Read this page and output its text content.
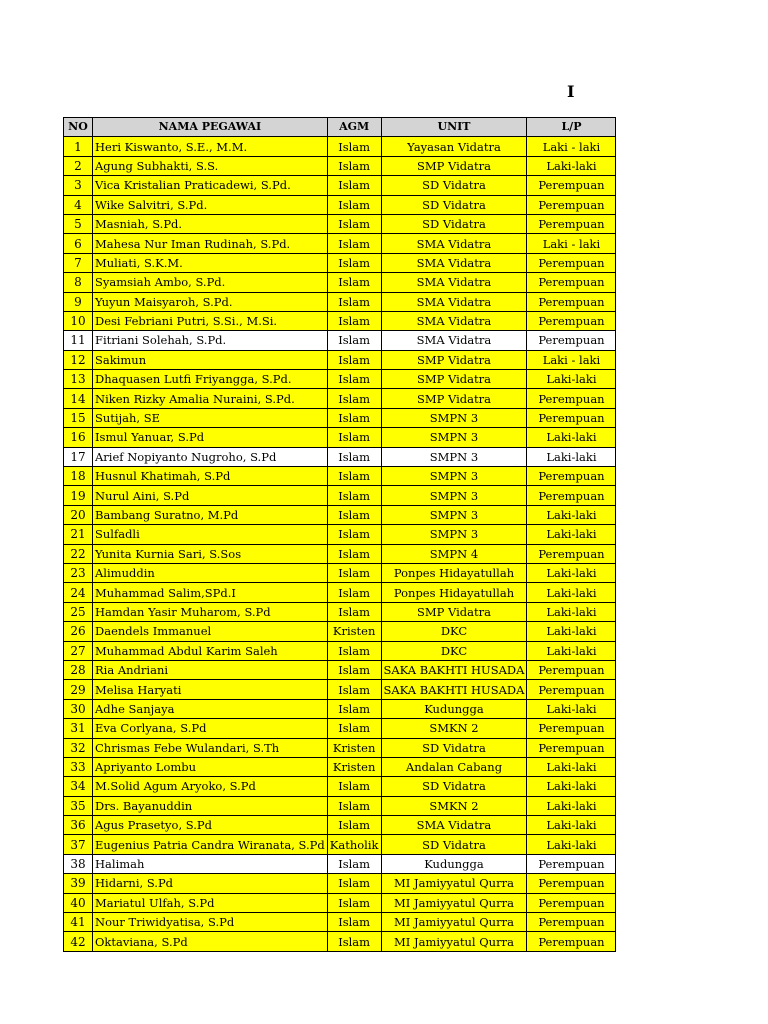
I
NO	NAMA PEGAWAI	AGM	UNIT	L/P
1	Heri Kiswanto, S.E., M.M.	Islam	Yayasan Vidatra	Laki - laki
2	Agung Subhakti, S.S.	Islam	SMP Vidatra	Laki-laki
3	Vica Kristalian Praticadewi, S.Pd.	Islam	SD Vidatra	Perempuan
4	Wike Salvitri, S.Pd.	Islam	SD Vidatra	Perempuan
5	Masniah, S.Pd.	Islam	SD Vidatra	Perempuan
6	Mahesa Nur Iman Rudinah, S.Pd.	Islam	SMA Vidatra	Laki - laki
7	Muliati, S.K.M.	Islam	SMA Vidatra	Perempuan
8	Syamsiah Ambo, S.Pd.	Islam	SMA Vidatra	Perempuan
9	Yuyun Maisyaroh, S.Pd.	Islam	SMA Vidatra	Perempuan
10	Desi Febriani Putri, S.Si., M.Si.	Islam	SMA Vidatra	Perempuan
11	Fitriani Solehah, S.Pd.	Islam	SMA Vidatra	Perempuan
12	Sakimun	Islam	SMP Vidatra	Laki - laki
13	Dhaquasen Lutfi Friyangga, S.Pd.	Islam	SMP Vidatra	Laki-laki
14	Niken Rizky Amalia Nuraini, S.Pd.	Islam	SMP Vidatra	Perempuan
15	Sutijah, SE	Islam	SMPN 3	Perempuan
16	Ismul Yanuar, S.Pd	Islam	SMPN 3	Laki-laki
17	Arief Nopiyanto Nugroho, S.Pd	Islam	SMPN 3	Laki-laki
18	Husnul Khatimah, S.Pd	Islam	SMPN 3	Perempuan
19	Nurul Aini, S.Pd	Islam	SMPN 3	Perempuan
20	Bambang Suratno, M.Pd	Islam	SMPN 3	Laki-laki
21	Sulfadli	Islam	SMPN 3	Laki-laki
22	Yunita Kurnia Sari, S.Sos	Islam	SMPN 4	Perempuan
23	Alimuddin	Islam	Ponpes Hidayatullah	Laki-laki
24	Muhammad Salim,SPd.I	Islam	Ponpes Hidayatullah	Laki-laki
25	Hamdan Yasir Muharom, S.Pd	Islam	SMP Vidatra	Laki-laki
26	Daendels Immanuel	Kristen	DKC	Laki-laki
27	Muhammad Abdul Karim Saleh	Islam	DKC	Laki-laki
28	Ria Andriani	Islam	SAKA BAKHTI HUSADA	Perempuan
29	Melisa Haryati	Islam	SAKA BAKHTI HUSADA	Perempuan
30	Adhe Sanjaya	Islam	Kudungga	Laki-laki
31	Eva Corlyana, S.Pd	Islam	SMKN 2	Perempuan
32	Chrismas Febe Wulandari, S.Th	Kristen	SD Vidatra	Perempuan
33	Apriyanto Lombu	Kristen	Andalan Cabang	Laki-laki
34	M.Solid Agum Aryoko, S.Pd	Islam	SD Vidatra	Laki-laki
35	Drs. Bayanuddin	Islam	SMKN 2	Laki-laki
36	Agus Prasetyo, S.Pd	Islam	SMA Vidatra	Laki-laki
37	Eugenius Patria Candra Wiranata, S.Pd	Katholik	SD Vidatra	Laki-laki
38	Halimah	Islam	Kudungga	Perempuan
39	Hidarni, S.Pd	Islam	MI Jamiyyatul Qurra	Perempuan
40	Mariatul Ulfah, S.Pd	Islam	MI Jamiyyatul Qurra	Perempuan
41	Nour Triwidyatisa, S.Pd	Islam	MI Jamiyyatul Qurra	Perempuan
42	Oktaviana, S.Pd	Islam	MI Jamiyyatul Qurra	Perempuan
